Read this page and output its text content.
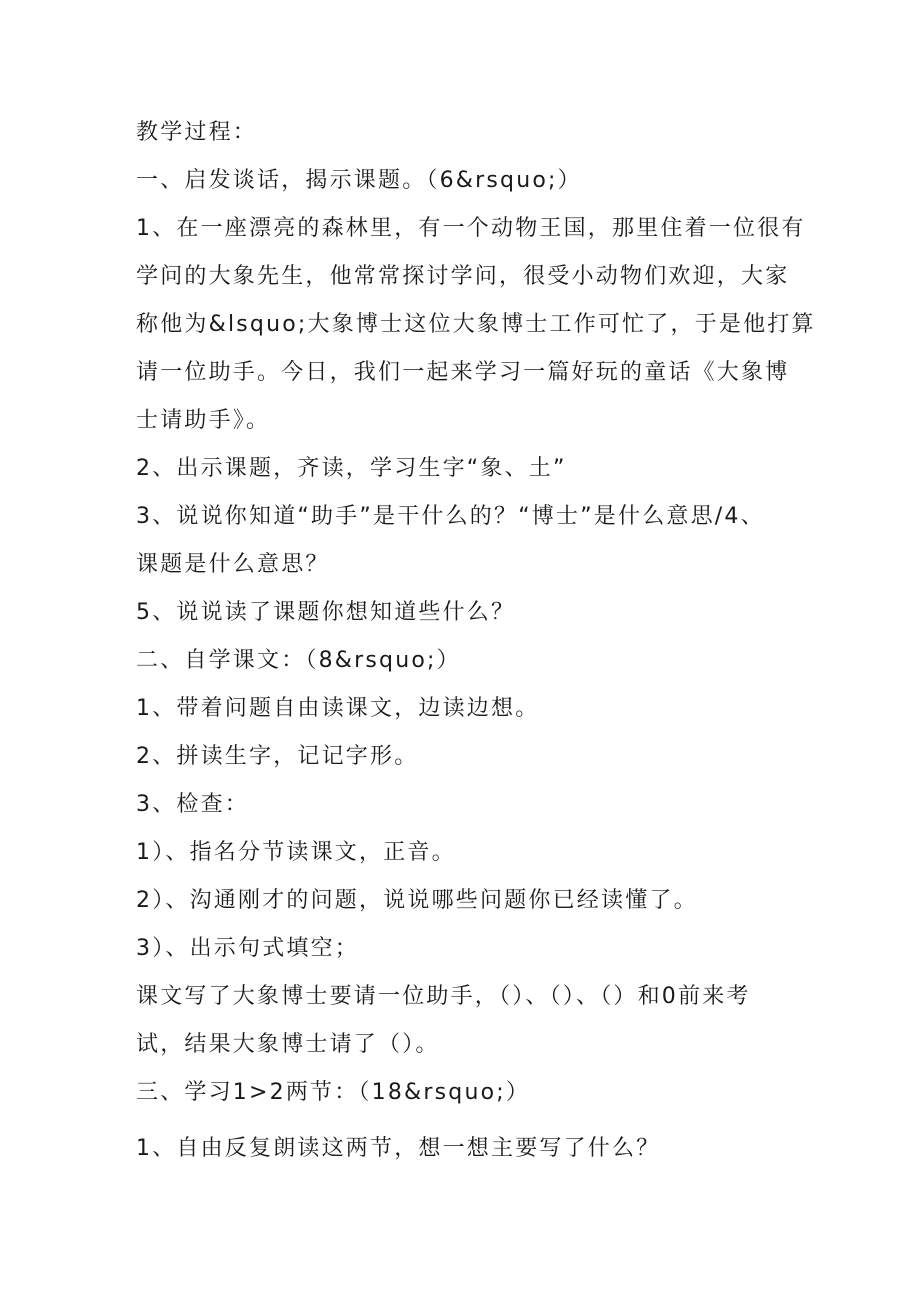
教学过程：
一、启发谈话，揭示课题。（6&rsquo;）
1、在一座漂亮的森林里，有一个动物王国，那里住着一位很有
学问的大象先生，他常常探讨学问，很受小动物们欢迎，大家
称他为&lsquo;大象博士这位大象博士工作可忙了，于是他打算
请一位助手。今日，我们一起来学习一篇好玩的童话《大象博
士请助手》。
2、出示课题，齐读，学习生字“象、土”
3、说说你知道“助手”是干什么的？“博士”是什么意思/4、
课题是什么意思？
5、说说读了课题你想知道些什么？
二、自学课文：（8&rsquo;）
1、带着问题自由读课文，边读边想。
2、拼读生字，记记字形。
3、检查：
1）、指名分节读课文，正音。
2）、沟通刚才的问题，说说哪些问题你已经读懂了。
3）、出示句式填空；
课文写了大象博士要请一位助手，（）、（）、（）和0前来考
试，结果大象博士请了（）。
三、学习1>2两节：（18&rsquo;）
1、自由反复朗读这两节，想一想主要写了什么？
